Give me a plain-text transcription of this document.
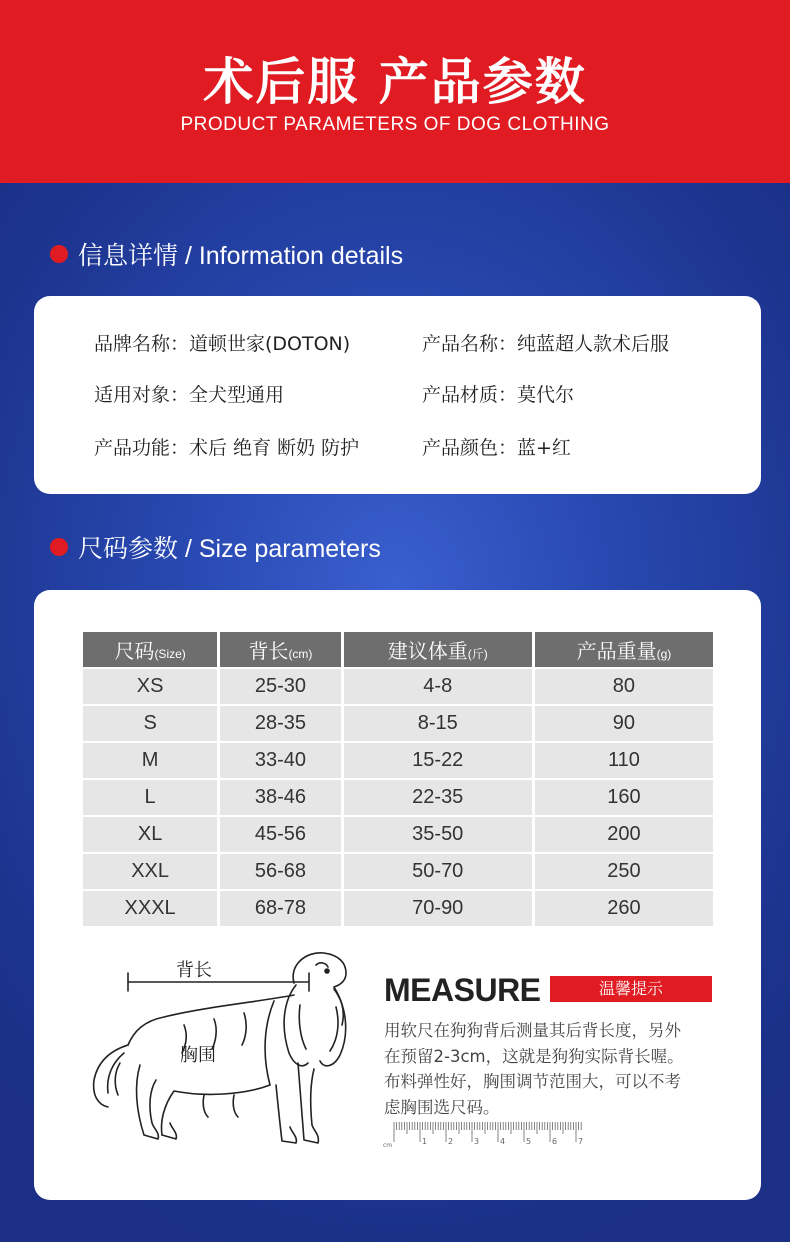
术后服 产品参数
PRODUCT PARAMETERS OF DOG CLOTHING
信息详情 / Information details
品牌名称：道顿世家(DOTON)	产品名称：纯蓝超人款术后服
适用对象：全犬型通用	产品材质：莫代尔
产品功能：术后 绝育 断奶 防护	产品颜色：蓝+红
尺码参数 / Size parameters
尺码(Size)	背长(cm)	建议体重(斤)	产品重量(g)
XS	25-30	4-8	80
S	28-35	8-15	90
M	33-40	15-22	110
L	38-46	22-35	160
XL	45-56	35-50	200
XXL	56-68	50-70	250
XXXL	68-78	70-90	260
背长
胸围
MEASURE	温馨提示
用软尺在狗狗背后测量其后背长度，另外
在预留2-3cm，这就是狗狗实际背长喔。
布料弹性好，胸围调节范围大，可以不考
虑胸围选尺码。
cm	1	2	3	4	5	6	7
